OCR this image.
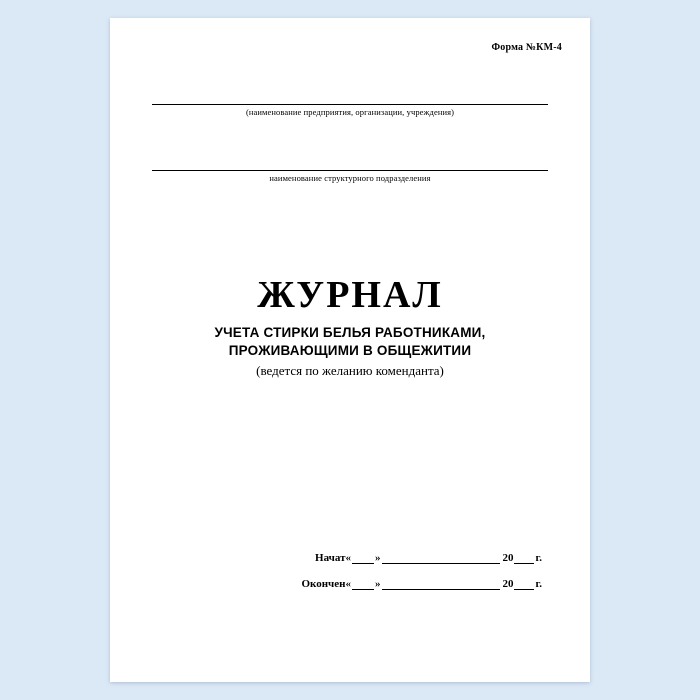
Форма №КМ-4
(наименование предприятия, организации, учреждения)
наименование структурного подразделения
ЖУРНАЛ
УЧЕТА СТИРКИ БЕЛЬЯ РАБОТНИКАМИ,
ПРОЖИВАЮЩИМИ В ОБЩЕЖИТИИ
(ведется по желанию коменданта)
Начат « »	20 г.
Окончен « »	20 г.
